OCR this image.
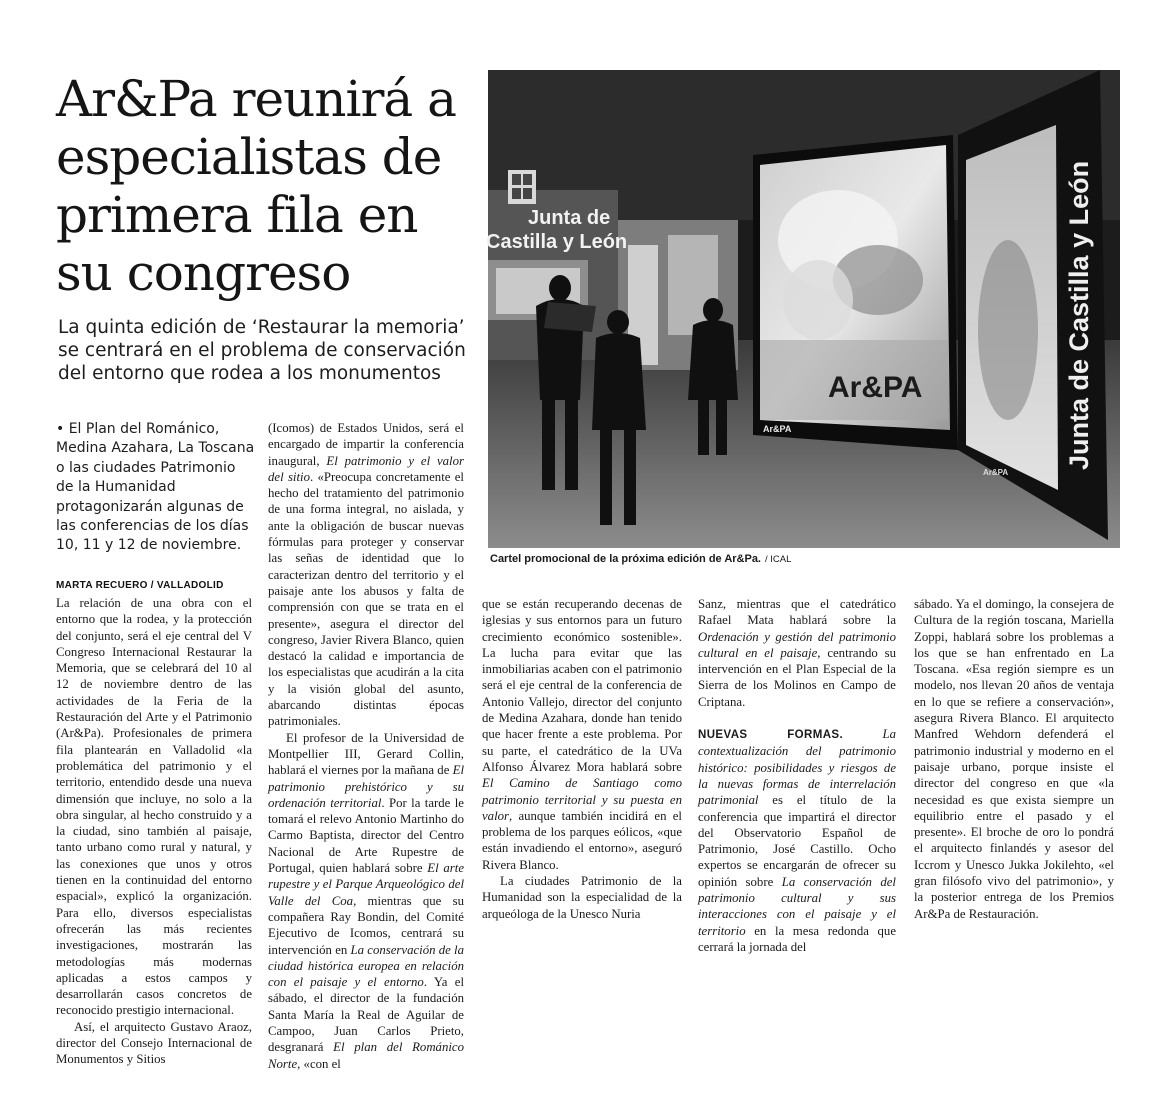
Ar&Pa reunirá a especialistas de primera fila en su congreso

La quinta edición de ‘Restaurar la memoria’ se centrará en el problema de conservación del entorno que rodea a los monumentos

• El Plan del Románico, Medina Azahara, La Toscana o las ciudades Patrimonio de la Humanidad protagonizarán algunas de las conferencias de los días 10, 11 y 12 de noviembre.

MARTA RECUERO / VALLADOLID

La relación de una obra con el entorno que la rodea, y la protección del conjunto, será el eje central del V Congreso Internacional Restaurar la Memoria, que se celebrará del 10 al 12 de noviembre dentro de las actividades de la Feria de la Restauración del Arte y el Patrimonio (Ar&Pa). Profesionales de primera fila plantearán en Valladolid «la problemática del patrimonio y el territorio, entendido desde una nueva dimensión que incluye, no solo a la obra singular, al hecho construido y a la ciudad, sino también al paisaje, tanto urbano como rural y natural, y las conexiones que unos y otros tienen en la continuidad del entorno espacial», explicó la organización. Para ello, diversos especialistas ofrecerán las más recientes investigaciones, mostrarán las metodologías más modernas aplicadas a estos campos y desarrollarán casos concretos de reconocido prestigio internacional.

Así, el arquitecto Gustavo Araoz, director del Consejo Internacional de Monumentos y Sitios

(Icomos) de Estados Unidos, será el encargado de impartir la conferencia inaugural, El patrimonio y el valor del sitio. «Preocupa concretamente el hecho del tratamiento del patrimonio de una forma integral, no aislada, y ante la obligación de buscar nuevas fórmulas para proteger y conservar las señas de identidad que lo caracterizan dentro del territorio y el paisaje ante los abusos y falta de comprensión con que se trata en el presente», asegura el director del congreso, Javier Rivera Blanco, quien destacó la calidad e importancia de los especialistas que acudirán a la cita y la visión global del asunto, abarcando distintas épocas patrimoniales.

El profesor de la Universidad de Montpellier III, Gerard Collin, hablará el viernes por la mañana de El patrimonio prehistórico y su ordenación territorial. Por la tarde le tomará el relevo Antonio Martinho do Carmo Baptista, director del Centro Nacional de Arte Rupestre de Portugal, quien hablará sobre El arte rupestre y el Parque Arqueológico del Valle del Coa, mientras que su compañera Ray Bondin, del Comité Ejecutivo de Icomos, centrará su intervención en La conservación de la ciudad histórica europea en relación con el paisaje y el entorno. Ya el sábado, el director de la fundación Santa María la Real de Aguilar de Campoo, Juan Carlos Prieto, desgranará El plan del Románico Norte, «con el

que se están recuperando decenas de iglesias y sus entornos para un futuro crecimiento económico sostenible». La lucha para evitar que las inmobiliarias acaben con el patrimonio será el eje central de la conferencia de Antonio Vallejo, director del conjunto de Medina Azahara, donde han tenido que hacer frente a este problema. Por su parte, el catedrático de la UVa Alfonso Álvarez Mora hablará sobre El Camino de Santiago como patrimonio territorial y su puesta en valor, aunque también incidirá en el problema de los parques eólicos, «que están invadiendo el entorno», aseguró Rivera Blanco.

La ciudades Patrimonio de la Humanidad son la especialidad de la arqueóloga de la Unesco Nuria

Sanz, mientras que el catedrático Rafael Mata hablará sobre la Ordenación y gestión del patrimonio cultural en el paisaje, centrando su intervención en el Plan Especial de la Sierra de los Molinos en Campo de Criptana.

NUEVAS FORMAS.	La contextualización del patrimonio histórico: posibilidades y riesgos de la nuevas formas de interrelación patrimonial es el título de la conferencia que impartirá el director del Observatorio Español de Patrimonio, José Castillo. Ocho expertos se encargarán de ofrecer su opinión sobre La conservación del patrimonio cultural y sus interacciones con el paisaje y el territorio en la mesa redonda que cerrará la jornada del

sábado. Ya el domingo, la consejera de Cultura de la región toscana, Mariella Zoppi, hablará sobre los problemas a los que se han enfrentado en La Toscana. «Esa región siempre es un modelo, nos llevan 20 años de ventaja en lo que se refiere a conservación», asegura Rivera Blanco. El arquitecto Manfred Wehdorn defenderá el patrimonio industrial y moderno en el paisaje urbano, porque insiste el director del congreso en que «la necesidad es que exista siempre un equilibrio entre el pasado y el presente». El broche de oro lo pondrá el arquitecto finlandés y asesor del Iccrom y Unesco Jukka Jokilehto, «el gran filósofo vivo del patrimonio», y la posterior entrega de los Premios Ar&Pa de Restauración.

Junta de
Castilla y León
Ar&PA
Ar&PA
Ar&PA
Junta de Castilla y León
Cartel promocional de la próxima edición de Ar&Pa. / ICAL
